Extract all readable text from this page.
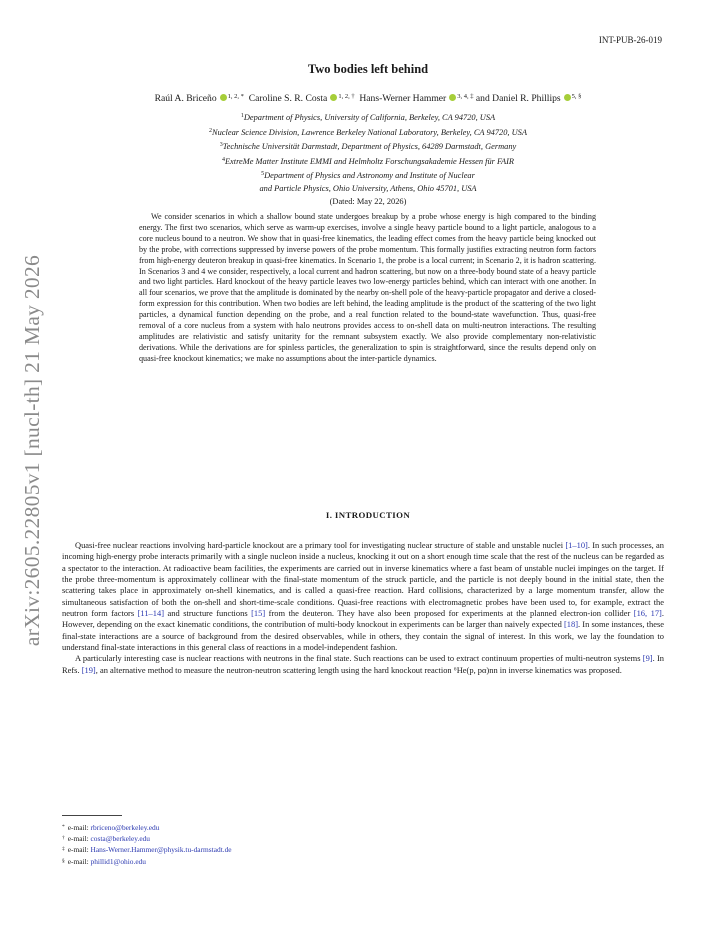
arXiv:2605.22805v1 [nucl-th] 21 May 2026
INT-PUB-26-019
Two bodies left behind
Raúl A. Briceño $^{1, 2, *}$ Caroline S. R. Costa $^{1, 2, \dagger}$ Hans-Werner Hammer $^{3, 4, \ddagger}$ and Daniel R. Phillips $^{5, \S}$
$^1$Department of Physics, University of California, Berkeley, CA 94720, USA
$^2$Nuclear Science Division, Lawrence Berkeley National Laboratory, Berkeley, CA 94720, USA
$^3$Technische Universität Darmstadt, Department of Physics, 64289 Darmstadt, Germany
$^4$ExtreMe Matter Institute EMMI and Helmholtz Forschungsakademie Hessen für FAIR
$^5$Department of Physics and Astronomy and Institute of Nuclear
and Particle Physics, Ohio University, Athens, Ohio 45701, USA
(Dated: May 22, 2026)
We consider scenarios in which a shallow bound state undergoes breakup by a probe whose energy is high compared to the binding energy. The first two scenarios, which serve as warm-up exercises, involve a single heavy particle bound to a light particle, analogous to a core nucleus bound to a neutron. We show that in quasi-free kinematics, the leading effect comes from the heavy particle being knocked out by the probe, with corrections suppressed by inverse powers of the probe momentum. This formally justifies extracting neutron form factors from high-energy deuteron breakup in quasi-free kinematics. In Scenario 1, the probe is a local current; in Scenario 2, it is hadron scattering. In Scenarios 3 and 4 we consider, respectively, a local current and hadron scattering, but now on a three-body bound state of a heavy particle and two light particles. Hard knockout of the heavy particle leaves two low-energy particles behind, which can interact with one another. In all four scenarios, we prove that the amplitude is dominated by the nearby on-shell pole of the heavy-particle propagator and derive a closed-form expression for this contribution. When two bodies are left behind, the leading amplitude is the product of the scattering of the two light particles, a dynamical function depending on the probe, and a real function related to the bound-state wavefunction. Thus, quasi-free removal of a core nucleus from a system with halo neutrons provides access to on-shell data on multi-neutron interactions. The resulting amplitudes are relativistic and satisfy unitarity for the remnant subsystem exactly. We also provide complementary non-relativistic derivations. While the derivations are for spinless particles, the generalization to spin is straightforward, since the results depend only on quasi-free knockout kinematics; we make no assumptions about the inter-particle dynamics.
I. INTRODUCTION

Quasi-free nuclear reactions involving hard-particle knockout are a primary tool for investigating nuclear structure of stable and unstable nuclei [1–10]. In such processes, an incoming high-energy probe interacts primarily with a single nucleon inside a nucleus, knocking it out on a short enough time scale that the rest of the nucleus can be regarded as a spectator to the interaction. At radioactive beam facilities, the experiments are carried out in inverse kinematics where a fast beam of unstable nuclei impinges on the target. If the probe three-momentum is approximately collinear with the final-state momentum of the struck particle, and the particle is not deeply bound in the initial state, then the scattering takes place in approximately on-shell kinematics, and is called a quasi-free reaction. Hard collisions, characterized by a large momentum transfer, allow the simultaneous satisfaction of both the on-shell and short-time-scale conditions. Quasi-free reactions with electromagnetic probes have been used to, for example, extract the neutron form factors [11–14] and structure functions [15] from the deuteron. They have also been proposed for experiments at the planned electron-ion collider [16, 17]. However, depending on the exact kinematic conditions, the contribution of multi-body knockout in experiments can be larger than naively expected [18]. In some instances, these final-state interactions are a source of background from the desired observables, while in others, they contain the signal of interest. In this work, we lay the foundation to understand final-state interactions in this general class of reactions in a model-independent fashion.

A particularly interesting case is nuclear reactions with neutrons in the final state. Such reactions can be used to extract continuum properties of multi-neutron systems [9]. In Refs. [19], an alternative method to measure the neutron-neutron scattering length using the hard knockout reaction ⁶He(p, pα)nn in inverse kinematics was proposed.

* e-mail: rbriceno@berkeley.edu
† e-mail: costa@berkeley.edu
‡ e-mail: Hans-Werner.Hammer@physik.tu-darmstadt.de
§ e-mail: phillid1@ohio.edu
